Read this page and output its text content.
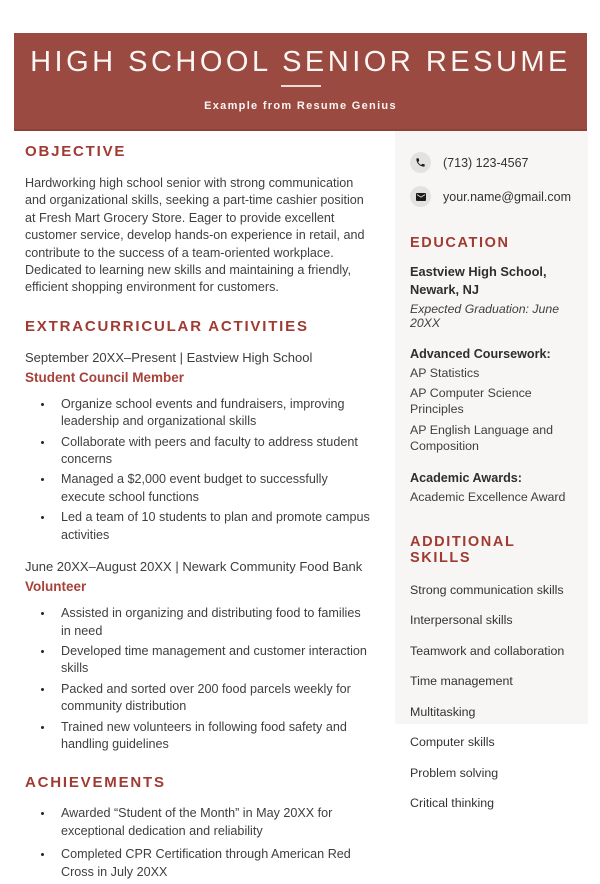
HIGH SCHOOL SENIOR RESUME
Example from Resume Genius
OBJECTIVE

Hardworking high school senior with strong communication and organizational skills, seeking a part-time cashier position at Fresh Mart Grocery Store. Eager to provide excellent customer service, develop hands-on experience in retail, and contribute to the success of a team-oriented workplace. Dedicated to learning new skills and maintaining a friendly, efficient shopping environment for customers.

EXTRACURRICULAR ACTIVITIES
September 20XX–Present | Eastview High School
Student Council Member
• Organize school events and fundraisers, improving leadership and organizational skills
• Collaborate with peers and faculty to address student concerns
• Managed a $2,000 event budget to successfully execute school functions
• Led a team of 10 students to plan and promote campus activities
June 20XX–August 20XX | Newark Community Food Bank
Volunteer
• Assisted in organizing and distributing food to families in need
• Developed time management and customer interaction skills
• Packed and sorted over 200 food parcels weekly for community distribution
• Trained new volunteers in following food safety and handling guidelines
ACHIEVEMENTS
• Awarded “Student of the Month” in May 20XX for exceptional dedication and reliability
• Completed CPR Certification through American Red Cross in July 20XX
(713) 123-4567
your.name@gmail.com
EDUCATION
Eastview High School, Newark, NJ
Expected Graduation: June 20XX
Advanced Coursework:
AP Statistics
AP Computer Science Principles
AP English Language and Composition
Academic Awards:
Academic Excellence Award
ADDITIONAL SKILLS
Strong communication skills
Interpersonal skills
Teamwork and collaboration
Time management
Multitasking
Computer skills
Problem solving
Critical thinking
